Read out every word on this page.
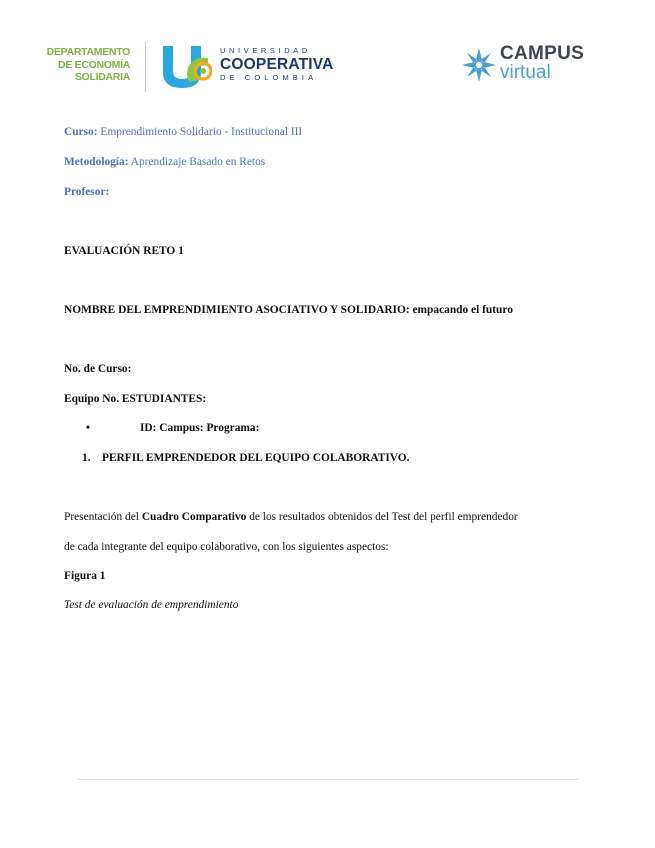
DEPARTAMENTO
DE ECONOMÍA
SOLIDARIA
UNIVERSIDAD
COOPERATIVA
DE COLOMBIA
CAMPUS
virtual
Curso: Emprendimiento Solidario - Institucional III
Metodología: Aprendizaje Basado en Retos
Profesor:
EVALUACIÓN RETO 1
NOMBRE DEL EMPRENDIMIENTO ASOCIATIVO Y SOLIDARIO: empacando el futuro
No. de Curso:
Equipo No. ESTUDIANTES:
•	ID: Campus: Programa:
1. PERFIL EMPRENDEDOR DEL EQUIPO COLABORATIVO.
Presentación del Cuadro Comparativo de los resultados obtenidos del Test del perfil emprendedor
de cada integrante del equipo colaborativo, con los siguientes aspectos:
Figura 1
Test de evaluación de emprendimiento
